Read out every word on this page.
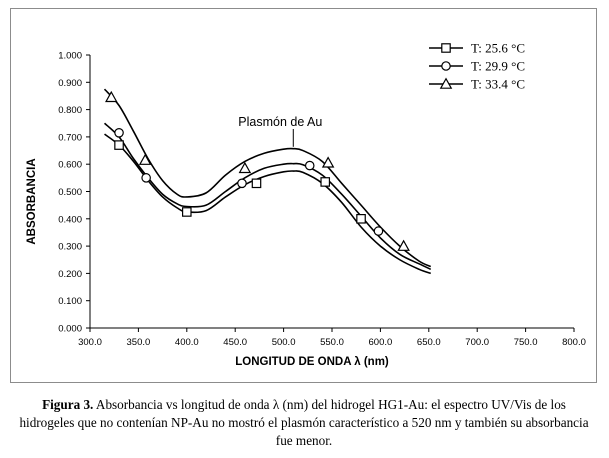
0.000
0.100
0.200
0.300
0.400
0.500
0.600
0.700
0.800
0.900
1.000
300.0	350.0	400.0	450.0	500.0	550.0	600.0	650.0	700.0	750.0	800.0
T: 25.6 °C
T: 29.9 °C
T: 33.4 °C
Plasmón de Au
LONGITUD DE ONDA λ (nm)
ABSORBANCIA
Figura 3. Absorbancia vs longitud de onda λ (nm) del hidrogel HG1-Au: el espectro UV/Vis de los hidrogeles que no contenían NP-Au no mostró el plasmón característico a 520 nm y también su absorbancia fue menor.
